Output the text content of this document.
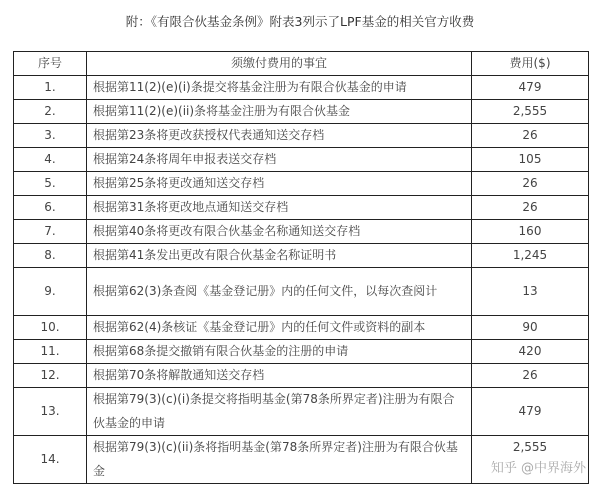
附：《有限合伙基金条例》附表3列示了LPF基金的相关官方收费
序号	须缴付费用的事宜	费用($)
1.	根据第11(2)(e)(i)条提交将基金注册为有限合伙基金的申请	479
2.	根据第11(2)(e)(ii)条将基金注册为有限合伙基金	2,555
3.	根据第23条将更改获授权代表通知送交存档	26
4.	根据第24条将周年申报表送交存档	105
5.	根据第25条将更改通知送交存档	26
6.	根据第31条将更改地点通知送交存档	26
7.	根据第40条将更改有限合伙基金名称通知送交存档	160
8.	根据第41条发出更改有限合伙基金名称证明书	1,245
9.	根据第62(3)条查阅《基金登记册》内的任何文件，以每次查阅计	13
10.	根据第62(4)条核证《基金登记册》内的任何文件或资料的副本	90
11.	根据第68条提交撤销有限合伙基金的注册的申请	420
12.	根据第70条将解散通知送交存档	26
13.	根据第79(3)(c)(i)条提交将指明基金(第78条所界定者)注册为有限合伙基金的申请	479
14.	根据第79(3)(c)(ii)条将指明基金(第78条所界定者)注册为有限合伙基金	2,555
知乎 @中界海外
